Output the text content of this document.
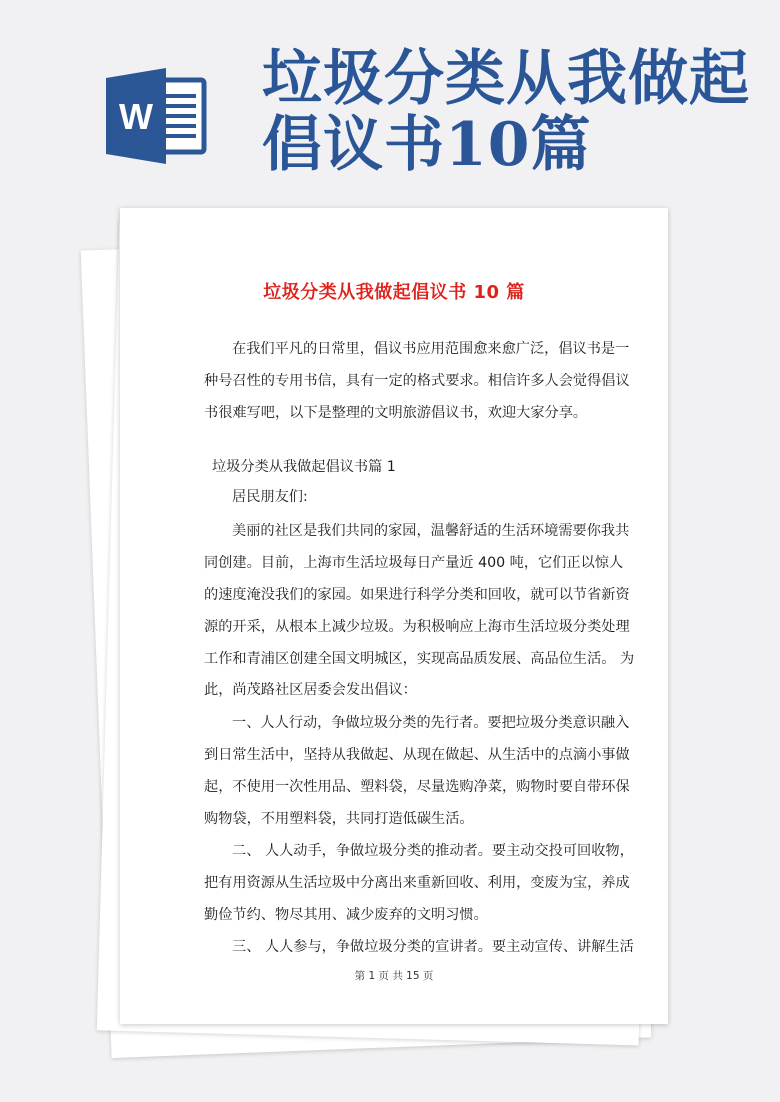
W
垃圾分类从我做起
倡议书10篇
垃圾分类从我做起倡议书 10 篇
在我们平凡的日常里，倡议书应用范围愈来愈广泛，倡议书是一
种号召性的专用书信，具有一定的格式要求。相信许多人会觉得倡议
书很难写吧，以下是整理的文明旅游倡议书，欢迎大家分享。
垃圾分类从我做起倡议书篇 1
居民朋友们:
美丽的社区是我们共同的家园，温馨舒适的生活环境需要你我共
同创建。目前，上海市生活垃圾每日产量近 400 吨，它们正以惊人
的速度淹没我们的家园。如果进行科学分类和回收，就可以节省新资
源的开采，从根本上减少垃圾。为积极响应上海市生活垃圾分类处理
工作和青浦区创建全国文明城区，实现高品质发展、高品位生活。 为
此，尚茂路社区居委会发出倡议：
一、人人行动，争做垃圾分类的先行者。要把垃圾分类意识融入
到日常生活中，坚持从我做起、从现在做起、从生活中的点滴小事做
起，不使用一次性用品、塑料袋，尽量选购净菜，购物时要自带环保
购物袋，不用塑料袋，共同打造低碳生活。
二、 人人动手，争做垃圾分类的推动者。要主动交投可回收物，
把有用资源从生活垃圾中分离出来重新回收、利用，变废为宝，养成
勤俭节约、物尽其用、减少废弃的文明习惯。
三、 人人参与，争做垃圾分类的宣讲者。要主动宣传、讲解生活
第 1 页 共 15 页
